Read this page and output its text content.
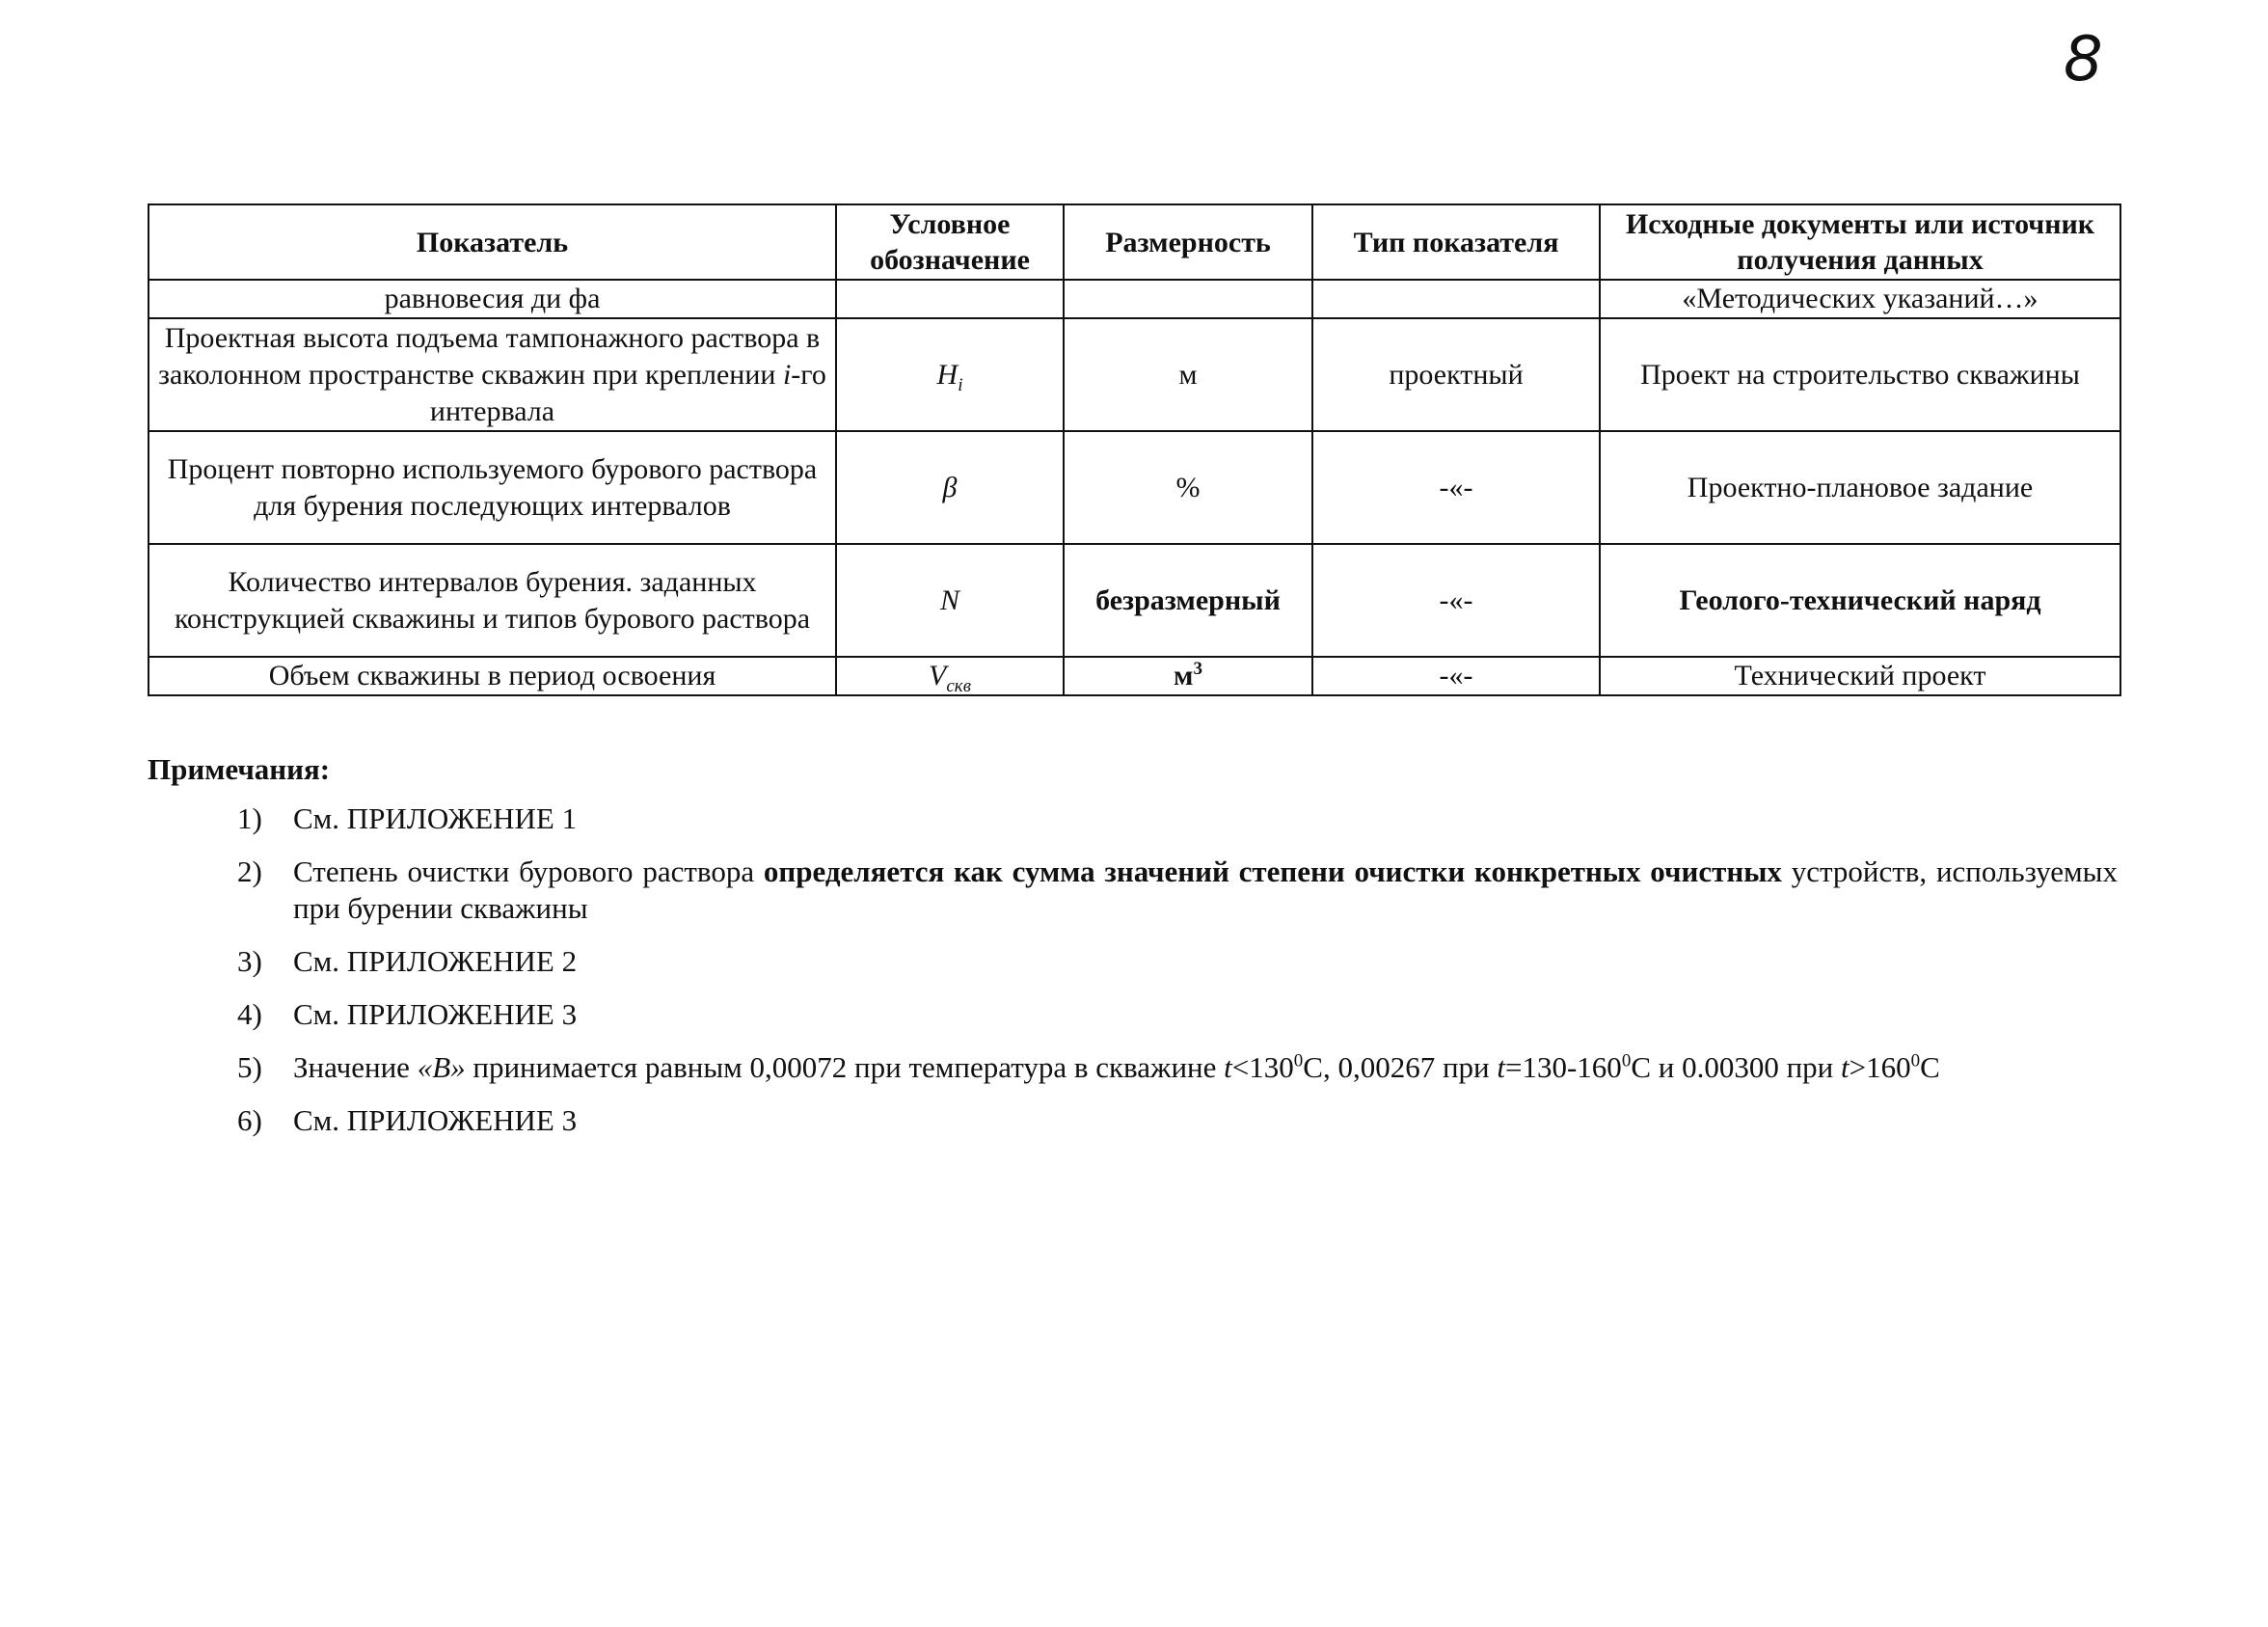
8
Показатель	Условное обозначение	Размерность	Тип показателя	Исходные документы или источник получения данных
равновесия ди фа				«Методических указаний…»
Проектная высота подъема тампонажного раствора в заколонном пространстве скважин при креплении i-го интервала	$H_i$	м	проектный	Проект на строительство скважины
Процент повторно используемого бурового раствора для бурения последующих интервалов	β	%	-«-	Проектно-плановое задание
Количество интервалов бурения. заданных конструкцией скважины и типов бурового раствора	N	безразмерный	-«-	Геолого-технический наряд
Объем скважины в период освоения	$V_{скв}$	$м^3$	-«-	Технический проект
Примечания:
1) См. ПРИЛОЖЕНИЕ 1
2) Степень очистки бурового раствора определяется как сумма значений степени очистки конкретных очистных устройств, используемых при бурении скважины
3) См. ПРИЛОЖЕНИЕ 2
4) См. ПРИЛОЖЕНИЕ 3
5) Значение «B» принимается равным 0,00072 при температура в скважине $t<130^0С$, 0,00267 при $t=130-160^0С$ и 0.00300 при $t>160^0С$
6) См. ПРИЛОЖЕНИЕ 3
